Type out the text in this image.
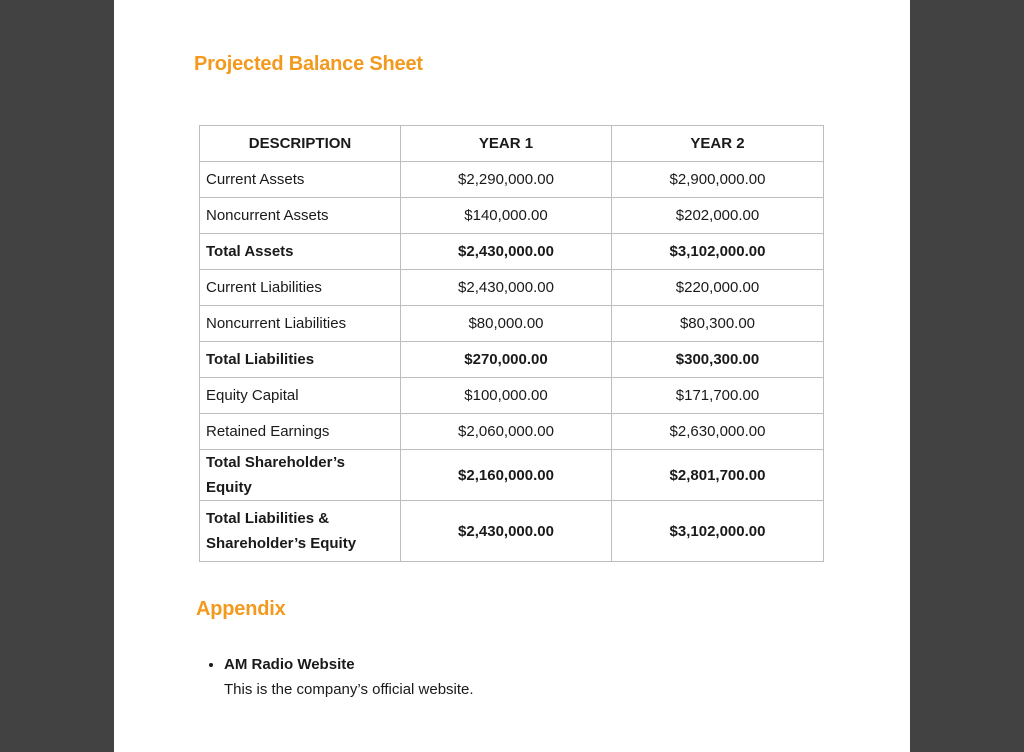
Projected Balance Sheet
DESCRIPTION	YEAR 1	YEAR 2
Current Assets	$2,290,000.00	$2,900,000.00
Noncurrent Assets	$140,000.00	$202,000.00
Total Assets	$2,430,000.00	$3,102,000.00
Current Liabilities	$2,430,000.00	$220,000.00
Noncurrent Liabilities	$80,000.00	$80,300.00
Total Liabilities	$270,000.00	$300,300.00
Equity Capital	$100,000.00	$171,700.00
Retained Earnings	$2,060,000.00	$2,630,000.00
Total Shareholder’s Equity	$2,160,000.00	$2,801,700.00
Total Liabilities & Shareholder’s Equity	$2,430,000.00	$3,102,000.00
Appendix
• AM Radio Website
This is the company’s official website.
